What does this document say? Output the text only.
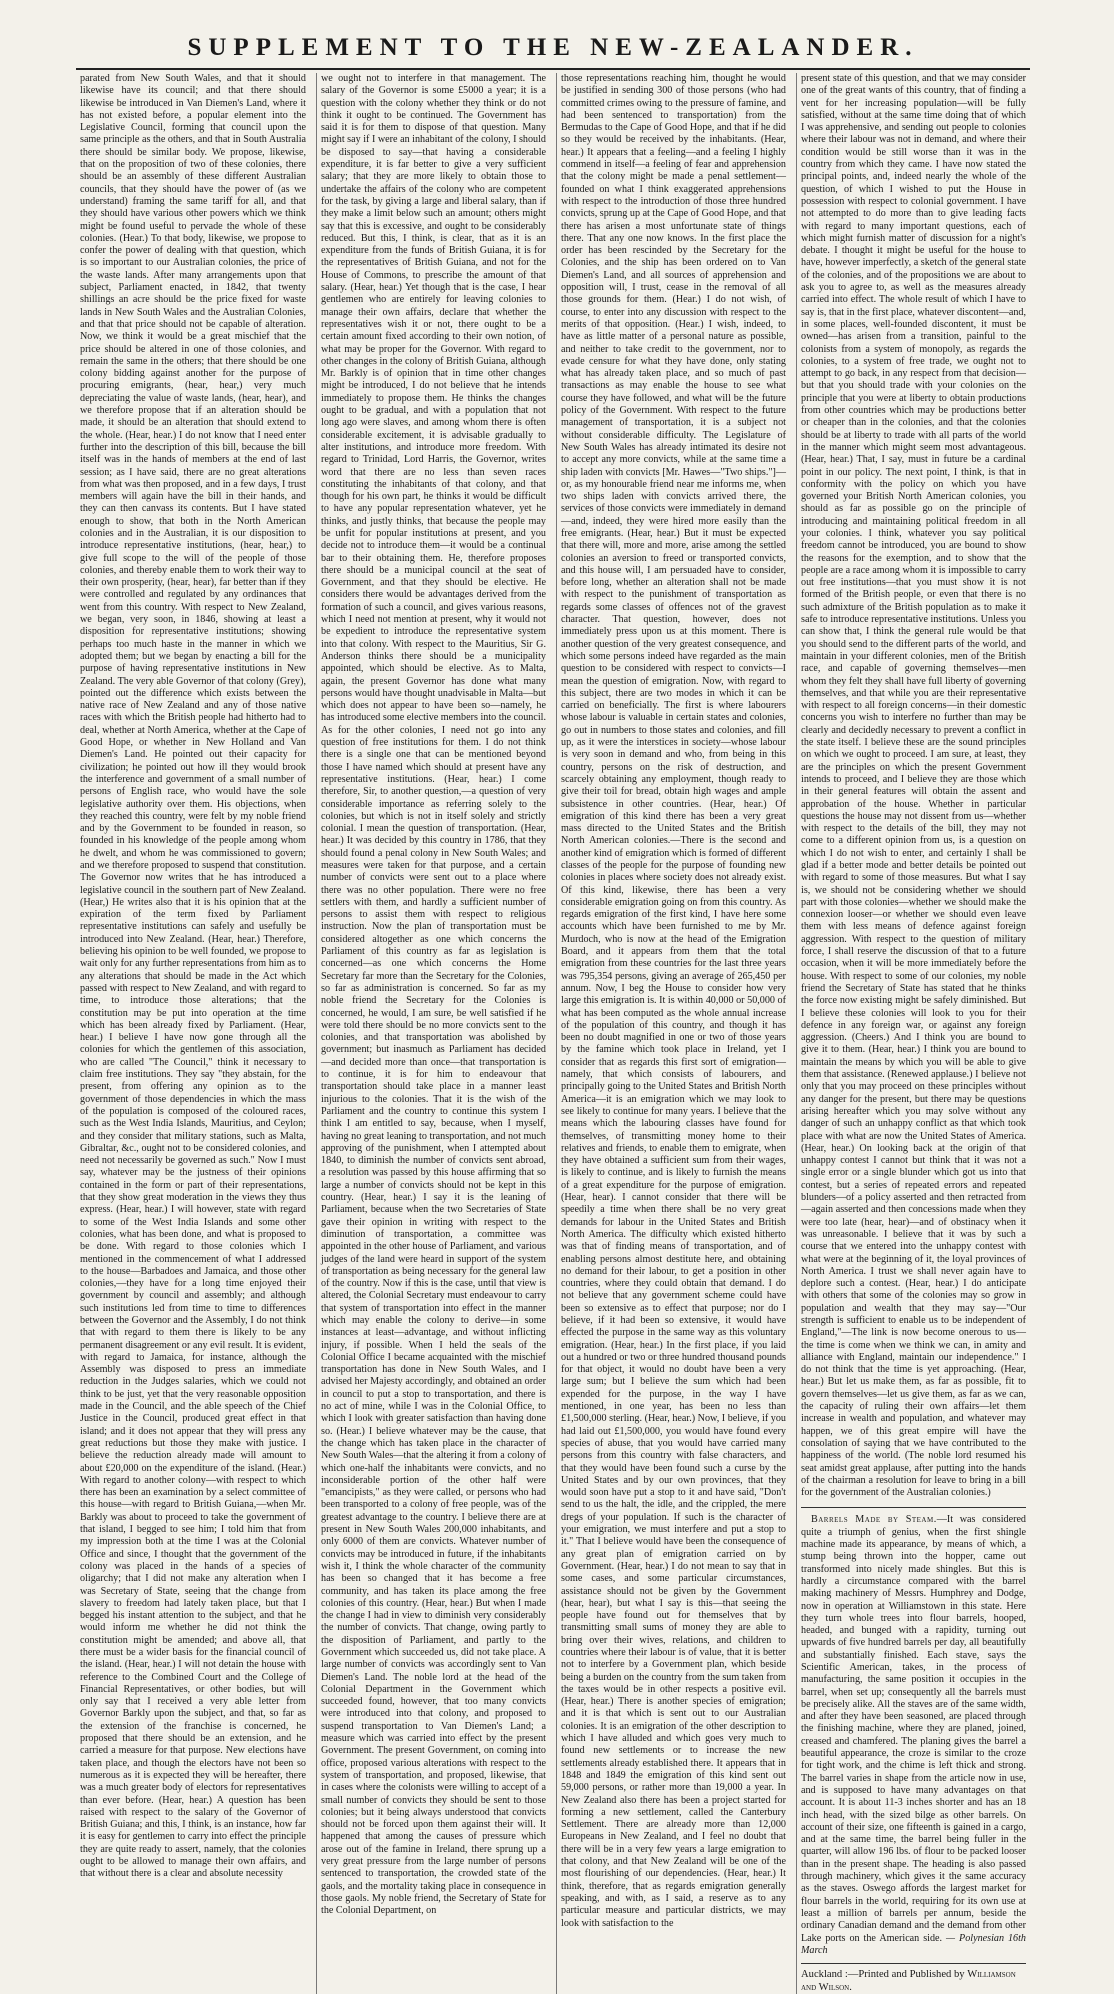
SUPPLEMENT TO THE NEW-ZEALANDER.

parated from New South Wales, and that it should likewise have its council; and that there should likewise be introduced in Van Diemen's Land, where it has not existed before, a popular element into the Legislative Council, forming that council upon the same principle as the others, and that in South Australia there should be similar body. We propose, likewise, that on the proposition of two of these colonies, there should be an assembly of these different Australian councils, that they should have the power of (as we understand) framing the same tariff for all, and that they should have various other powers which we think might be found useful to pervade the whole of these colonies. (Hear.) To that body, likewise, we propose to confer the power of dealing with that question, which is so important to our Australian colonies, the price of the waste lands. After many arrangements upon that subject, Parliament enacted, in 1842, that twenty shillings an acre should be the price fixed for waste lands in New South Wales and the Australian Colonies, and that that price should not be capable of alteration. Now, we think it would be a great mischief that the price should be altered in one of those colonies, and remain the same in the others; that there should be one colony bidding against another for the purpose of procuring emigrants, (hear, hear,) very much depreciating the value of waste lands, (hear, hear), and we therefore propose that if an alteration should be made, it should be an alteration that should extend to the whole. (Hear, hear.) I do not know that I need enter further into the description of this bill, because the bill itself was in the hands of members at the end of last session; as I have said, there are no great alterations from what was then proposed, and in a few days, I trust members will again have the bill in their hands, and they can then canvass its contents. But I have stated enough to show, that both in the North American colonies and in the Australian, it is our disposition to introduce representative institutions, (hear, hear,) to give full scope to the will of the people of those colonies, and thereby enable them to work their way to their own prosperity, (hear, hear), far better than if they were controlled and regulated by any ordinances that went from this country. With respect to New Zealand, we began, very soon, in 1846, showing at least a disposition for representative institutions; showing perhaps too much haste in the manner in which we adopted them; but we began by enacting a bill for the purpose of having representative institutions in New Zealand. The very able Governor of that colony (Grey), pointed out the difference which exists between the native race of New Zealand and any of those native races with which the British people had hitherto had to deal, whether at North America, whether at the Cape of Good Hope, or whether in New Holland and Van Diemen's Land. He pointed out their capacity for civilization; he pointed out how ill they would brook the interference and government of a small number of persons of English race, who would have the sole legislative authority over them. His objections, when they reached this country, were felt by my noble friend and by the Government to be founded in reason, so founded in his knowledge of the people among whom he dwelt, and whom he was commissioned to govern; and we therefore proposed to suspend that constitution. The Governor now writes that he has introduced a legislative council in the southern part of New Zealand. (Hear,) He writes also that it is his opinion that at the expiration of the term fixed by Parliament representative institutions can safely and usefully be introduced into New Zealand. (Hear, hear.) Therefore, believing his opinion to be well founded, we propose to wait only for any further representations from him as to any alterations that should be made in the Act which passed with respect to New Zealand, and with regard to time, to introduce those alterations; that the constitution may be put into operation at the time which has been already fixed by Parliament. (Hear, hear.) I believe I have now gone through all the colonies for which the gentlemen of this association, who are called "The Council," think it necessary to claim free institutions. They say "they abstain, for the present, from offering any opinion as to the government of those dependencies in which the mass of the population is composed of the coloured races, such as the West India Islands, Mauritius, and Ceylon; and they consider that military stations, such as Malta, Gibraltar, &c., ought not to be considered colonies, and need not necessarily be governed as such." Now I must say, whatever may be the justness of their opinions contained in the form or part of their representations, that they show great moderation in the views they thus express. (Hear, hear.) I will however, state with regard to some of the West India Islands and some other colonies, what has been done, and what is proposed to be done. With regard to those colonies which I mentioned in the commencement of what I addressed to the house—Barbadoes and Jamaica, and those other colonies,—they have for a long time enjoyed their government by council and assembly; and although such institutions led from time to time to differences between the Governor and the Assembly, I do not think that with regard to them there is likely to be any permanent disagreement or any evil result. It is evident, with regard to Jamaica, for instance, although the Assembly was disposed to press an immediate reduction in the Judges salaries, which we could not think to be just, yet that the very reasonable opposition made in the Council, and the able speech of the Chief Justice in the Council, produced great effect in that island; and it does not appear that they will press any great reductions but those they make with justice. I believe the reduction already made will amount to about £20,000 on the expenditure of the island. (Hear.) With regard to another colony—with respect to which there has been an examination by a select committee of this house—with regard to British Guiana,—when Mr. Barkly was about to proceed to take the government of that island, I begged to see him; I told him that from my impression both at the time I was at the Colonial Office and since, I thought that the government of the colony was placed in the hands of a species of oligarchy; that I did not make any alteration when I was Secretary of State, seeing that the change from slavery to freedom had lately taken place, but that I begged his instant attention to the subject, and that he would inform me whether he did not think the constitution might be amended; and above all, that there must be a wider basis for the financial council of the island. (Hear, hear.) I will not detain the house with reference to the Combined Court and the College of Financial Representatives, or other bodies, but will only say that I received a very able letter from Governor Barkly upon the subject, and that, so far as the extension of the franchise is concerned, he proposed that there should be an extension, and he carried a measure for that purpose. New elections have taken place, and though the electors have not been so numerous as it is expected they will be hereafter, there was a much greater body of electors for representatives than ever before. (Hear, hear.) A question has been raised with respect to the salary of the Governor of British Guiana; and this, I think, is an instance, how far it is easy for gentlemen to carry into effect the principle they are quite ready to assert, namely, that the colonies ought to be allowed to manage their own affairs, and that without there is a clear and absolute necessity

we ought not to interfere in that management. The salary of the Governor is some £5000 a year; it is a question with the colony whether they think or do not think it ought to be continued. The Government has said it is for them to dispose of that question. Many might say if I were an inhabitant of the colony, I should be disposed to say—that having a considerable expenditure, it is far better to give a very sufficient salary; that they are more likely to obtain those to undertake the affairs of the colony who are competent for the task, by giving a large and liberal salary, than if they make a limit below such an amount; others might say that this is excessive, and ought to be considerably reduced. But this, I think, is clear, that as it is an expenditure from the funds of British Guiana, it is for the representatives of British Guiana, and not for the House of Commons, to prescribe the amount of that salary. (Hear, hear.) Yet though that is the case, I hear gentlemen who are entirely for leaving colonies to manage their own affairs, declare that whether the representatives wish it or not, there ought to be a certain amount fixed according to their own notion, of what may be proper for the Governor. With regard to other changes in the colony of British Guiana, although Mr. Barkly is of opinion that in time other changes might be introduced, I do not believe that he intends immediately to propose them. He thinks the changes ought to be gradual, and with a population that not long ago were slaves, and among whom there is often considerable excitement, it is advisable gradually to alter institutions, and introduce more freedom. With regard to Trinidad, Lord Harris, the Governor, writes word that there are no less than seven races constituting the inhabitants of that colony, and that though for his own part, he thinks it would be difficult to have any popular representation whatever, yet he thinks, and justly thinks, that because the people may be unfit for popular institutions at present, and you decide not to introduce them—it would be a continual bar to their obtaining them. He, therefore proposes there should be a municipal council at the seat of Government, and that they should be elective. He considers there would be advantages derived from the formation of such a council, and gives various reasons, which I need not mention at present, why it would not be expedient to introduce the representative system into that colony. With respect to the Mauritius, Sir G. Anderson thinks there should be a municipality appointed, which should be elective. As to Malta, again, the present Governor has done what many persons would have thought unadvisable in Malta—but which does not appear to have been so—namely, he has introduced some elective members into the council. As for the other colonies, I need not go into any question of free institutions for them. I do not think there is a single one that can be mentioned beyond those I have named which should at present have any representative institutions. (Hear, hear.) I come therefore, Sir, to another question,—a question of very considerable importance as referring solely to the colonies, but which is not in itself solely and strictly colonial. I mean the question of transportation. (Hear, hear.) It was decided by this country in 1786, that they should found a penal colony in New South Wales; and measures were taken for that purpose, and a certain number of convicts were sent out to a place where there was no other population. There were no free settlers with them, and hardly a sufficient number of persons to assist them with respect to religious instruction. Now the plan of transportation must be considered altogether as one which concerns the Parliament of this country as far as legislation is concerned—as one which concerns the Home Secretary far more than the Secretary for the Colonies, so far as administration is concerned. So far as my noble friend the Secretary for the Colonies is concerned, he would, I am sure, be well satisfied if he were told there should be no more convicts sent to the colonies, and that transportation was abolished by government; but inasmuch as Parliament has decided—and decided more than once—that transportation is to continue, it is for him to endeavour that transportation should take place in a manner least injurious to the colonies. That it is the wish of the Parliament and the country to continue this system I think I am entitled to say, because, when I myself, having no great leaning to transportation, and not much approving of the punishment, when I attempted about 1840, to diminish the number of convicts sent abroad, a resolution was passed by this house affirming that so large a number of convicts should not be kept in this country. (Hear, hear.) I say it is the leaning of Parliament, because when the two Secretaries of State gave their opinion in writing with respect to the diminution of transportation, a committee was appointed in the other house of Parliament, and various judges of the land were heard in support of the system of transportation as being necessary for the general law of the country. Now if this is the case, until that view is altered, the Colonial Secretary must endeavour to carry that system of transportation into effect in the manner which may enable the colony to derive—in some instances at least—advantage, and without inflicting injury, if possible. When I held the seals of the Colonial Office I became acquainted with the mischief transportation has done in New South Wales, and I advised her Majesty accordingly, and obtained an order in council to put a stop to transportation, and there is no act of mine, while I was in the Colonial Office, to which I look with greater satisfaction than having done so. (Hear.) I believe whatever may be the cause, that the change which has taken place in the character of New South Wales—that the altering it from a colony of which one-half the inhabitants were convicts, and no inconsiderable portion of the other half were "emancipists," as they were called, or persons who had been transported to a colony of free people, was of the greatest advantage to the country. I believe there are at present in New South Wales 200,000 inhabitants, and only 6000 of them are convicts. Whatever number of convicts may be introduced in future, if the inhabitants wish it, I think the whole character of the community has been so changed that it has become a free community, and has taken its place among the free colonies of this country. (Hear, hear.) But when I made the change I had in view to diminish very considerably the number of convicts. That change, owing partly to the disposition of Parliament, and partly to the Government which succeeded us, did not take place. A large number of convicts was accordingly sent to Van Diemen's Land. The noble lord at the head of the Colonial Department in the Government which succeeded found, however, that too many convicts were introduced into that colony, and proposed to suspend transportation to Van Diemen's Land; a measure which was carried into effect by the present Government. The present Government, on coming into office, proposed various alterations with respect to the system of transportation, and proposed, likewise, that in cases where the colonists were willing to accept of a small number of convicts they should be sent to those colonies; but it being always understood that convicts should not be forced upon them against their will. It happened that among the causes of pressure which arose out of the famine in Ireland, there sprung up a very great pressure from the large number of persons sentenced to transportation, the crowded state of the gaols, and the mortality taking place in consequence in those gaols. My noble friend, the Secretary of State for the Colonial Department, on

those representations reaching him, thought he would be justified in sending 300 of those persons (who had committed crimes owing to the pressure of famine, and had been sentenced to transportation) from the Bermudas to the Cape of Good Hope, and that if he did so they would be received by the inhabitants. (Hear, hear.) It appears that a feeling—and a feeling I highly commend in itself—a feeling of fear and apprehension that the colony might be made a penal settlement—founded on what I think exaggerated apprehensions with respect to the introduction of those three hundred convicts, sprung up at the Cape of Good Hope, and that there has arisen a most unfortunate state of things there. That any one now knows. In the first place the order has been rescinded by the Secretary for the Colonies, and the ship has been ordered on to Van Diemen's Land, and all sources of apprehension and opposition will, I trust, cease in the removal of all those grounds for them. (Hear.) I do not wish, of course, to enter into any discussion with respect to the merits of that opposition. (Hear.) I wish, indeed, to have as little matter of a personal nature as possible, and neither to take credit to the government, nor to evade censure for what they have done, only stating what has already taken place, and so much of past transactions as may enable the house to see what course they have followed, and what will be the future policy of the Government. With respect to the future management of transportation, it is a subject not without considerable difficulty. The Legislature of New South Wales has already intimated its desire not to accept any more convicts, while at the same time a ship laden with convicts [Mr. Hawes—"Two ships."]—or, as my honourable friend near me informs me, when two ships laden with convicts arrived there, the services of those convicts were immediately in demand—and, indeed, they were hired more easily than the free emigrants. (Hear, hear.) But it must be expected that there will, more and more, arise among the settled colonies an aversion to freed or transported convicts, and this house will, I am persuaded have to consider, before long, whether an alteration shall not be made with respect to the punishment of transportation as regards some classes of offences not of the gravest character. That question, however, does not immediately press upon us at this moment. There is another question of the very greatest consequence, and which some persons indeed have regarded as the main question to be considered with respect to convicts—I mean the question of emigration. Now, with regard to this subject, there are two modes in which it can be carried on beneficially. The first is where labourers whose labour is valuable in certain states and colonies, go out in numbers to those states and colonies, and fill up, as it were the interstices in society—whose labour is very soon in demand and who, from being in this country, persons on the risk of destruction, and scarcely obtaining any employment, though ready to give their toil for bread, obtain high wages and ample subsistence in other countries. (Hear, hear.) Of emigration of this kind there has been a very great mass directed to the United States and the British North American colonies.—There is the second and another kind of emigration which is formed of different classes of the people for the purpose of founding new colonies in places where society does not already exist. Of this kind, likewise, there has been a very considerable emigration going on from this country. As regards emigration of the first kind, I have here some accounts which have been furnished to me by Mr. Murdoch, who is now at the head of the Emigration Board, and it appears from them that the total emigration from these countries for the last three years was 795,354 persons, giving an average of 265,450 per annum. Now, I beg the House to consider how very large this emigration is. It is within 40,000 or 50,000 of what has been computed as the whole annual increase of the population of this country, and though it has been no doubt magnified in one or two of those years by the famine which took place in Ireland, yet I consider that as regards this first sort of emigration—namely, that which consists of labourers, and principally going to the United States and British North America—it is an emigration which we may look to see likely to continue for many years. I believe that the means which the labouring classes have found for themselves, of transmitting money home to their relatives and friends, to enable them to emigrate, when they have obtained a sufficient sum from their wages, is likely to continue, and is likely to furnish the means of a great expenditure for the purpose of emigration. (Hear, hear). I cannot consider that there will be speedily a time when there shall be no very great demands for labour in the United States and British North America. The difficulty which existed hitherto was that of finding means of transportation, and of enabling persons almost destitute here, and obtaining no demand for their labour, to get a position in other countries, where they could obtain that demand. I do not believe that any government scheme could have been so extensive as to effect that purpose; nor do I believe, if it had been so extensive, it would have effected the purpose in the same way as this voluntary emigration. (Hear, hear.) In the first place, if you laid out a hundred or two or three hundred thousand pounds for that object, it would no doubt have been a very large sum; but I believe the sum which had been expended for the purpose, in the way I have mentioned, in one year, has been no less than £1,500,000 sterling. (Hear, hear.) Now, I believe, if you had laid out £1,500,000, you would have found every species of abuse, that you would have carried many persons from this country with false characters, and that they would have been found such a curse by the United States and by our own provinces, that they would soon have put a stop to it and have said, "Don't send to us the halt, the idle, and the crippled, the mere dregs of your population. If such is the character of your emigration, we must interfere and put a stop to it." That I believe would have been the consequence of any great plan of emigration carried on by Government. (Hear, hear.) I do not mean to say that in some cases, and some particular circumstances, assistance should not be given by the Government (hear, hear), but what I say is this—that seeing the people have found out for themselves that by transmitting small sums of money they are able to bring over their wives, relations, and children to countries where their labour is of value, that it is better not to interfere by a Government plan, which beside being a burden on the country from the sum taken from the taxes would be in other respects a positive evil. (Hear, hear.) There is another species of emigration; and it is that which is sent out to our Australian colonies. It is an emigration of the other description to which I have alluded and which goes very much to found new settlements or to increase the new settlements already established there. It appears that in 1848 and 1849 the emigration of this kind sent out 59,000 persons, or rather more than 19,000 a year. In New Zealand also there has been a project started for forming a new settlement, called the Canterbury Settlement. There are already more than 12,000 Europeans in New Zealand, and I feel no doubt that there will be in a very few years a large emigration to that colony, and that New Zealand will be one of the most flourishing of our dependencies. (Hear, hear.) It think, therefore, that as regards emigration generally speaking, and with, as I said, a reserve as to any particular measure and particular districts, we may look with satisfaction to the

present state of this question, and that we may consider one of the great wants of this country, that of finding a vent for her increasing population—will be fully satisfied, without at the same time doing that of which I was apprehensive, and sending out people to colonies where their labour was not in demand, and where their condition would be still worse than it was in the country from which they came. I have now stated the principal points, and, indeed nearly the whole of the question, of which I wished to put the House in possession with respect to colonial government. I have not attempted to do more than to give leading facts with regard to many important questions, each of which might furnish matter of discussion for a night's debate. I thought it might be useful for the house to have, however imperfectly, a sketch of the general state of the colonies, and of the propositions we are about to ask you to agree to, as well as the measures already carried into effect. The whole result of which I have to say is, that in the first place, whatever discontent—and, in some places, well-founded discontent, it must be owned—has arisen from a transition, painful to the colonists from a system of monopoly, as regards the colonies, to a system of free trade, we ought not to attempt to go back, in any respect from that decision—but that you should trade with your colonies on the principle that you were at liberty to obtain productions from other countries which may be productions better or cheaper than in the colonies, and that the colonies should be at liberty to trade with all parts of the world in the manner which might seem most advantageous. (Hear, hear.) That, I say, must in future be a cardinal point in our policy. The next point, I think, is that in conformity with the policy on which you have governed your British North American colonies, you should as far as possible go on the principle of introducing and maintaining political freedom in all your colonies. I think, whatever you say political freedom cannot be introduced, you are bound to show the reasons for the exemption, and to show that the people are a race among whom it is impossible to carry out free institutions—that you must show it is not formed of the British people, or even that there is no such admixture of the British population as to make it safe to introduce representative institutions. Unless you can show that, I think the general rule would be that you should send to the different parts of the world, and maintain in your different colonies, men of the British race, and capable of governing themselves—men whom they felt they shall have full liberty of governing themselves, and that while you are their representative with respect to all foreign concerns—in their domestic concerns you wish to interfere no further than may be clearly and decidedly necessary to prevent a conflict in the state itself. I believe these are the sound principles on which we ought to proceed. I am sure, at least, they are the principles on which the present Government intends to proceed, and I believe they are those which in their general features will obtain the assent and approbation of the house. Whether in particular questions the house may not dissent from us—whether with respect to the details of the bill, they may not come to a different opinion from us, is a question on which I do not wish to enter, and certainly I shall be glad if a better mode and better details be pointed out with regard to some of those measures. But what I say is, we should not be considering whether we should part with those colonies—whether we should make the connexion looser—or whether we should even leave them with less means of defence against foreign aggression. With respect to the question of military force, I shall reserve the discussion of that to a future occasion, when it will be more immediately before the house. With respect to some of our colonies, my noble friend the Secretary of State has stated that he thinks the force now existing might be safely diminished. But I believe these colonies will look to you for their defence in any foreign war, or against any foreign aggression. (Cheers.) And I think you are bound to give it to them. (Hear, hear.) I think you are bound to maintain the means by which you will be able to give them that assistance. (Renewed applause.) I believe not only that you may proceed on these principles without any danger for the present, but there may be questions arising hereafter which you may solve without any danger of such an unhappy conflict as that which took place with what are now the United States of America. (Hear, hear.) On looking back at the origin of that unhappy contest I cannot but think that it was not a single error or a single blunder which got us into that contest, but a series of repeated errors and repeated blunders—of a policy asserted and then retracted from—again asserted and then concessions made when they were too late (hear, hear)—and of obstinacy when it was unreasonable. I believe that it was by such a course that we entered into the unhappy contest with what were at the beginning of it, the loyal provinces of North America. I trust we shall never again have to deplore such a contest. (Hear, hear.) I do anticipate with others that some of the colonies may so grow in population and wealth that they may say—"Our strength is sufficient to enable us to be independent of England,"—The link is now become onerous to us—the time is come when we think we can, in amity and alliance with England, maintain our independence." I do not think that the time is yet approaching. (Hear, hear.) But let us make them, as far as possible, fit to govern themselves—let us give them, as far as we can, the capacity of ruling their own affairs—let them increase in wealth and population, and whatever may happen, we of this great empire will have the consolation of saying that we have contributed to the happiness of the world. (The noble lord resumed his seat amidst great applause, after putting into the hands of the chairman a resolution for leave to bring in a bill for the government of the Australian colonies.)

Barrels Made by Steam.—It was considered quite a triumph of genius, when the first shingle machine made its appearance, by means of which, a stump being thrown into the hopper, came out transformed into nicely made shingles. But this is hardly a circumstance compared with the barrel making machinery of Messrs. Humphrey and Dodge, now in operation at Williamstown in this state. Here they turn whole trees into flour barrels, hooped, headed, and bunged with a rapidity, turning out upwards of five hundred barrels per day, all beautifully and substantially finished. Each stave, says the Scientific American, takes, in the process of manufacturing, the same position it occupies in the barrel, when set up; consequently all the barrels must be precisely alike. All the staves are of the same width, and after they have been seasoned, are placed through the finishing machine, where they are planed, joined, creased and chamfered. The planing gives the barrel a beautiful appearance, the croze is similar to the croze for tight work, and the chime is left thick and strong. The barrel varies in shape from the article now in use, and is supposed to have many advantages on that account. It is about 11-3 inches shorter and has an 18 inch head, with the sized bilge as other barrels. On account of their size, one fifteenth is gained in a cargo, and at the same time, the barrel being fuller in the quarter, will allow 196 lbs. of flour to be packed looser than in the present shape. The heading is also passed through machinery, which gives it the same accuracy as the staves. Oswego affords the largest market for flour barrels in the world, requiring for its own use at least a million of barrels per annum, beside the ordinary Canadian demand and the demand from other Lake ports on the American side. — Polynesian 16th March

Auckland :—Printed and Published by Williamson and Wilson.
